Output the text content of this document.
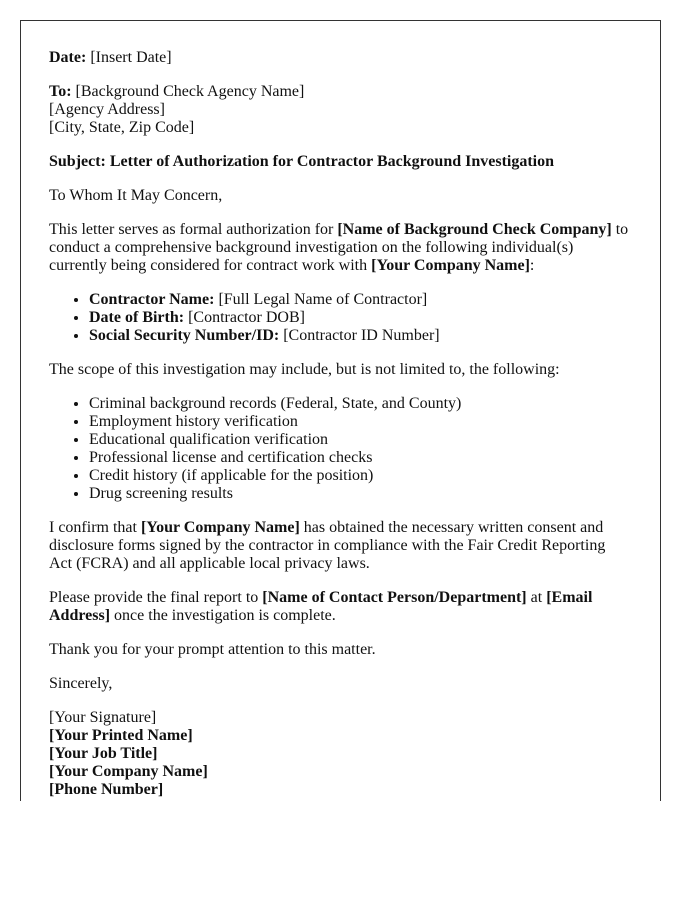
Date: [Insert Date]

To: [Background Check Agency Name]
[Agency Address]
[City, State, Zip Code]

Subject: Letter of Authorization for Contractor Background Investigation

To Whom It May Concern,

This letter serves as formal authorization for [Name of Background Check Company] to conduct a comprehensive background investigation on the following individual(s) currently being considered for contract work with [Your Company Name]:

• Contractor Name: [Full Legal Name of Contractor]
• Date of Birth: [Contractor DOB]
• Social Security Number/ID: [Contractor ID Number]

The scope of this investigation may include, but is not limited to, the following:

• Criminal background records (Federal, State, and County)
• Employment history verification
• Educational qualification verification
• Professional license and certification checks
• Credit history (if applicable for the position)
• Drug screening results

I confirm that [Your Company Name] has obtained the necessary written consent and disclosure forms signed by the contractor in compliance with the Fair Credit Reporting Act (FCRA) and all applicable local privacy laws.

Please provide the final report to [Name of Contact Person/Department] at [Email Address] once the investigation is complete.

Thank you for your prompt attention to this matter.

Sincerely,

[Your Signature]
[Your Printed Name]
[Your Job Title]
[Your Company Name]
[Phone Number]
